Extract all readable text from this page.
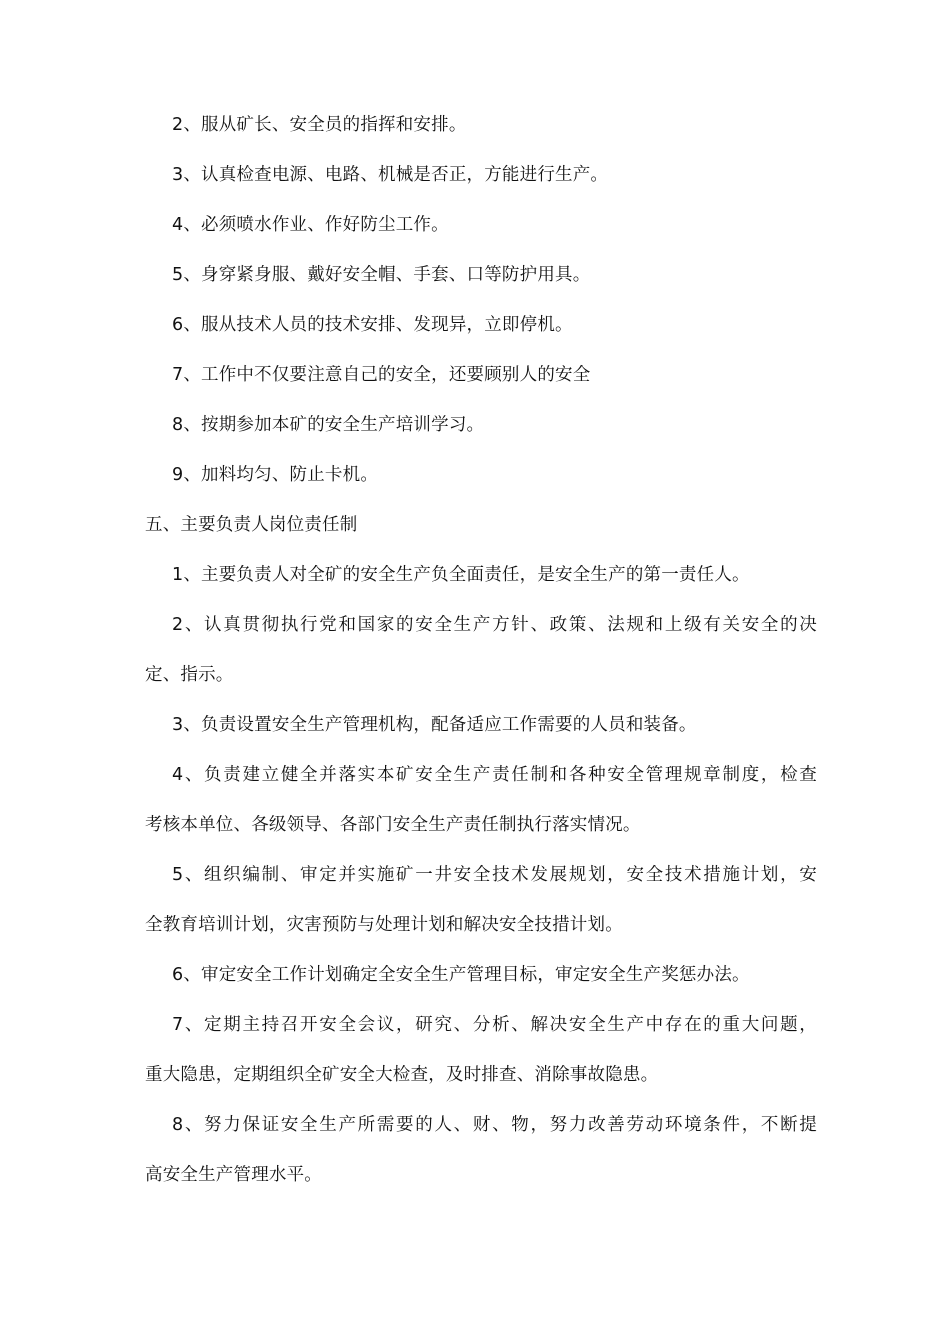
2、服从矿长、安全员的指挥和安排。
3、认真检查电源、电路、机械是否正，方能进行生产。
4、必须喷水作业、作好防尘工作。
5、身穿紧身服、戴好安全帽、手套、口等防护用具。
6、服从技术人员的技术安排、发现异，立即停机。
7、工作中不仅要注意自己的安全，还要顾别人的安全
8、按期参加本矿的安全生产培训学习。
9、加料均匀、防止卡机。
五、主要负责人岗位责任制
1、主要负责人对全矿的安全生产负全面责任，是安全生产的第一责任人。
2、认真贯彻执行党和国家的安全生产方针、政策、法规和上级有关安全的决
定、指示。
3、负责设置安全生产管理机构，配备适应工作需要的人员和装备。
4、负责建立健全并落实本矿安全生产责任制和各种安全管理规章制度，检查
考核本单位、各级领导、各部门安全生产责任制执行落实情况。
5、组织编制、审定并实施矿一井安全技术发展规划，安全技术措施计划，安
全教育培训计划，灾害预防与处理计划和解决安全技措计划。
6、审定安全工作计划确定全安全生产管理目标，审定安全生产奖惩办法。
7、定期主持召开安全会议，研究、分析、解决安全生产中存在的重大问题，
重大隐患，定期组织全矿安全大检查，及时排查、消除事故隐患。
8、努力保证安全生产所需要的人、财、物，努力改善劳动环境条件，不断提
高安全生产管理水平。
